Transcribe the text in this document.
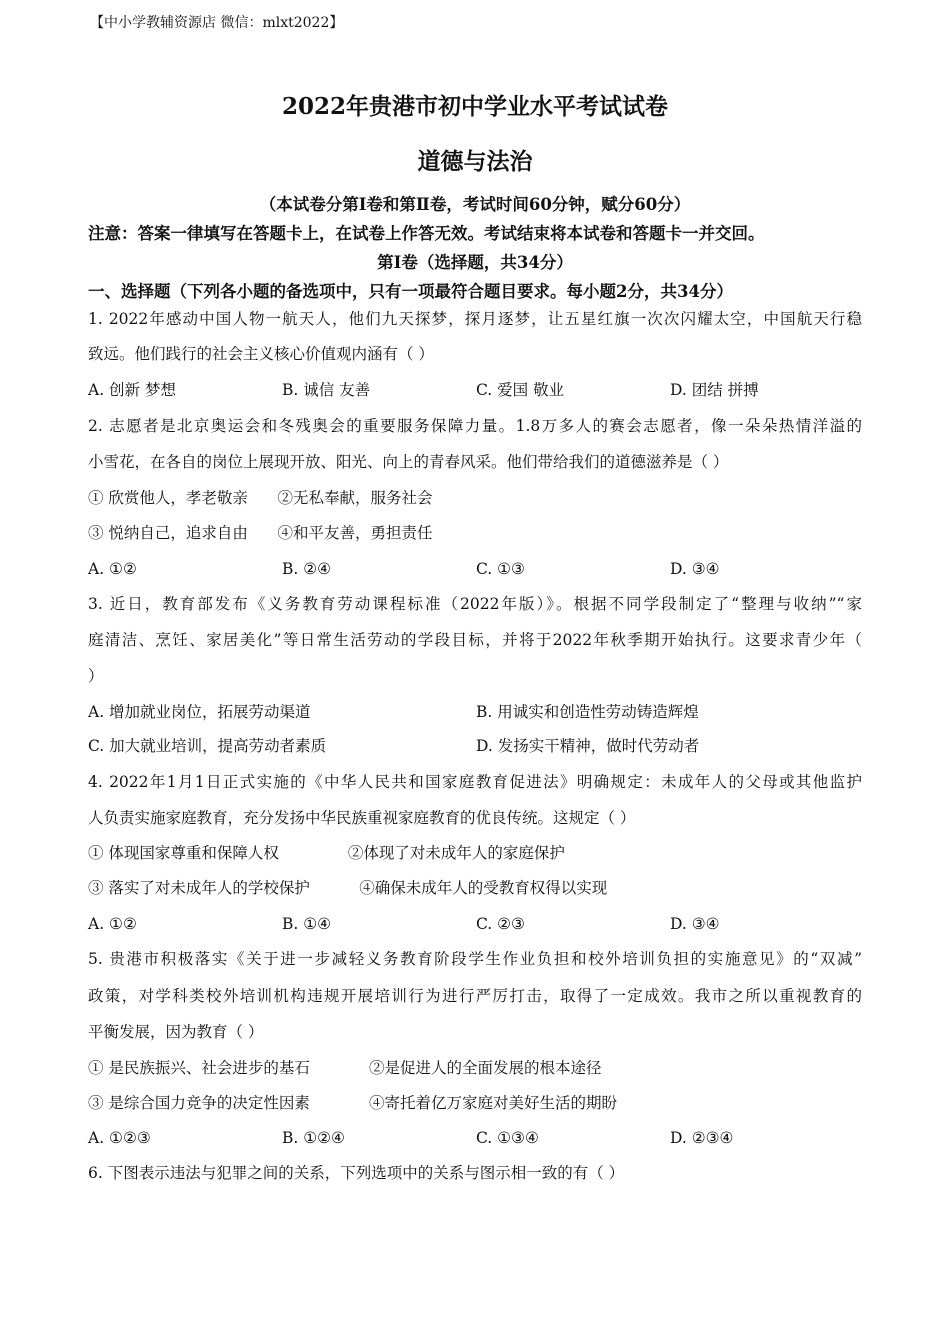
【中小学教辅资源店 微信：mlxt2022】
2022年贵港市初中学业水平考试试卷
道德与法治
（本试卷分第Ⅰ卷和第Ⅱ卷，考试时间60分钟，赋分60分）
注意：答案一律填写在答题卡上，在试卷上作答无效。考试结束将本试卷和答题卡一并交回。
第Ⅰ卷（选择题，共34分）
一、选择题（下列各小题的备选项中，只有一项最符合题目要求。每小题2分，共34分）
1. 2022年感动中国人物一航天人，他们九天探梦，探月逐梦，让五星红旗一次次闪耀太空，中国航天行稳
致远。他们践行的社会主义核心价值观内涵有（ ）
A. 创新 梦想	B. 诚信 友善	C. 爱国 敬业	D. 团结 拼搏
2. 志愿者是北京奥运会和冬残奥会的重要服务保障力量。1.8万多人的赛会志愿者，像一朵朵热情洋溢的
小雪花，在各自的岗位上展现开放、阳光、向上的青春风采。他们带给我们的道德滋养是（ ）
① 欣赏他人，孝老敬亲      ②无私奉献，服务社会
③ 悦纳自己，追求自由      ④和平友善，勇担责任
A. ①②	B. ②④	C. ①③	D. ③④
3. 近日，教育部发布《义务教育劳动课程标准（2022年版）》。根据不同学段制定了“整理与收纳”“家
庭清洁、烹饪、家居美化”等日常生活劳动的学段目标，并将于2022年秋季期开始执行。这要求青少年（
）
A. 增加就业岗位，拓展劳动渠道	B. 用诚实和创造性劳动铸造辉煌
C. 加大就业培训，提高劳动者素质	D. 发扬实干精神，做时代劳动者
4. 2022年1月1日正式实施的《中华人民共和国家庭教育促进法》明确规定：未成年人的父母或其他监护
人负责实施家庭教育，充分发扬中华民族重视家庭教育的优良传统。这规定（ ）
① 体现国家尊重和保障人权              ②体现了对未成年人的家庭保护
③ 落实了对未成年人的学校保护          ④确保未成年人的受教育权得以实现
A. ①②	B. ①④	C. ②③	D. ③④
5. 贵港市积极落实《关于进一步减轻义务教育阶段学生作业负担和校外培训负担的实施意见》的“双减”
政策，对学科类校外培训机构违规开展培训行为进行严厉打击，取得了一定成效。我市之所以重视教育的
平衡发展，因为教育（ ）
① 是民族振兴、社会进步的基石            ②是促进人的全面发展的根本途径
③ 是综合国力竞争的决定性因素            ④寄托着亿万家庭对美好生活的期盼
A. ①②③	B. ①②④	C. ①③④	D. ②③④
6. 下图表示违法与犯罪之间的关系，下列选项中的关系与图示相一致的有（ ）
